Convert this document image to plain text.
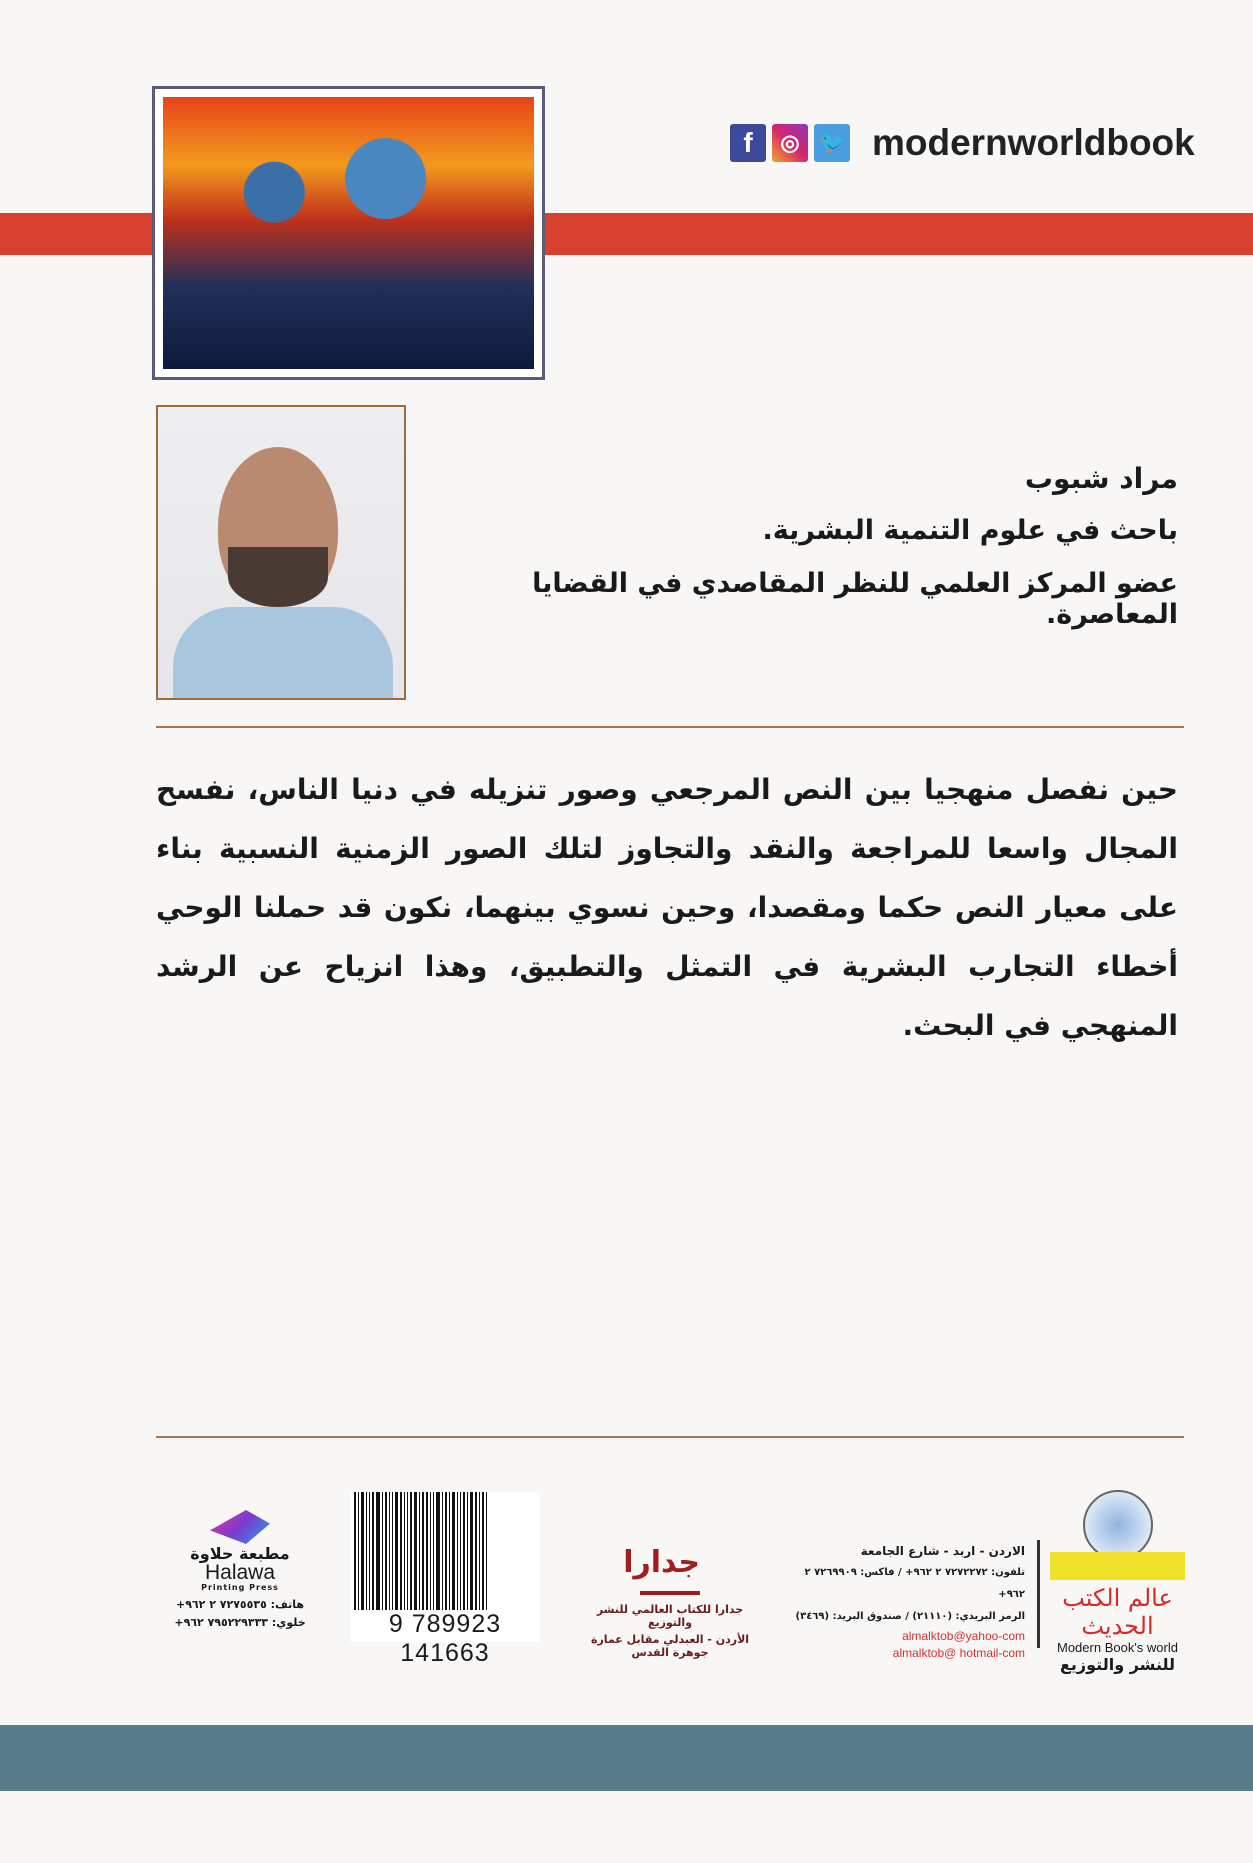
f	◎ 🐦 modernworldbook
مراد شبوب
باحث في علوم التنمية البشرية.
عضو المركز العلمي للنظر المقاصدي في القضايا المعاصرة.

حين نفصل منهجيا بين النص المرجعي وصور تنزيله في دنيا الناس، نفسح المجال واسعا للمراجعة والنقد والتجاوز لتلك الصور الزمنية النسبية بناء على معيار النص حكما ومقصدا، وحين نسوي بينهما، نكون قد حملنا الوحي أخطاء التجارب البشرية في التمثل والتطبيق، وهذا انزياح عن الرشد المنهجي في البحث.

عالم الكتب الحديث
Modern Book's world
للنشر والتوزيع
الاردن - اربد - شارع الجامعة
تلفون: ٧٢٧٢٢٧٢ ٢ ٩٦٢+ / فاكس: ٧٢٦٩٩٠٩ ٢ ٩٦٢+
الرمز البريدي: (٢١١١٠) / صندوق البريد: (٣٤٦٩)
almalktob@yahoo-com
almalktob@ hotmail-com
جدارا
جدارا للكتاب العالمي للنشر والتوزيع
الأردن - العبدلي مقابل عمارة جوهرة القدس
9 789923 141663
مطبعة حلاوة
Halawa
Printing Press
هاتف: ٧٢٧٥٥٣٥ ٢ ٩٦٢+
خلوي: ٧٩٥٢٢٩٣٣٣ ٩٦٢+
